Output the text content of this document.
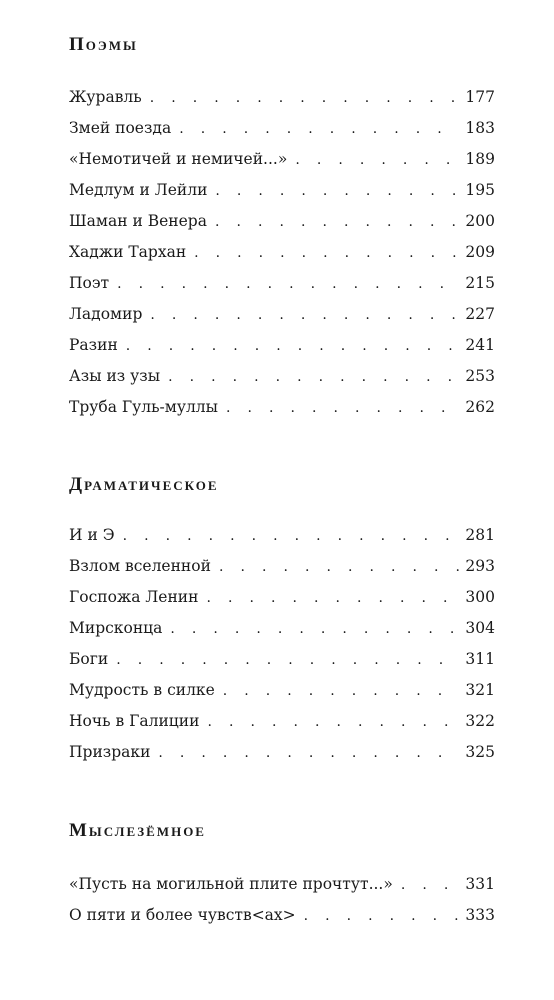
Поэмы
Журавль . . .	177
Змей поезда . . .	183
«Немотичей и немичей...» . . .	189
Медлум и Лейли . . .	195
Шаман и Венера . . .	200
Хаджи Тархан . . .	209
Поэт . . .	215
Ладомир . . .	227
Разин . . .	241
Азы из узы . . .	253
Труба Гуль-муллы . . .	262
Драматическое
И и Э . . .	281
Взлом вселенной . . .	293
Госпожа Ленин . . .	300
Мирсконца . . .	304
Боги . . .	311
Мудрость в силке . . .	321
Ночь в Галиции . . .	322
Призраки . . .	325
Мыслезёмное
«Пусть на могильной плите прочтут...» . . .	331
О пяти и более чувств<ах> . . .	333
